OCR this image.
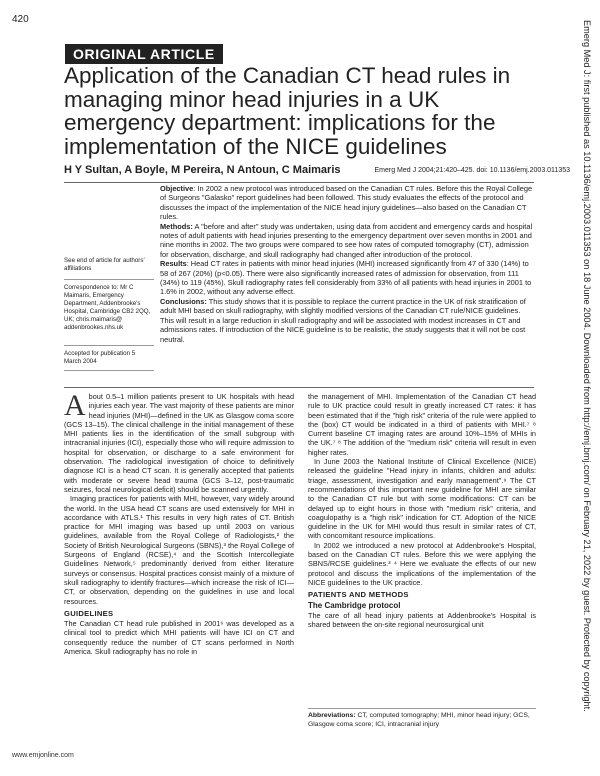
420
ORIGINAL ARTICLE
Application of the Canadian CT head rules in managing minor head injuries in a UK emergency department: implications for the implementation of the NICE guidelines
H Y Sultan, A Boyle, M Pereira, N Antoun, C Maimaris	Emerg Med J 2004;21:420–425. doi: 10.1136/emj.2003.011353
See end of article for authors' affiliations
Correspondence to: Mr C Maimaris, Emergency Department, Addenbrooke's Hospital, Cambridge CB2 2QQ, UK; chris.maimaris@ addenbrookes.nhs.uk
Accepted for publication 5 March 2004

Objective: In 2002 a new protocol was introduced based on the Canadian CT rules. Before this the Royal College of Surgeons "Galasko" report guidelines had been followed. This study evaluates the effects of the protocol and discusses the impact of the implementation of the NICE head injury guidelines—also based on the Canadian CT rules.

Methods: A "before and after" study was undertaken, using data from accident and emergency cards and hospital notes of adult patients with head injuries presenting to the emergency department over seven months in 2001 and nine months in 2002. The two groups were compared to see how rates of computed tomography (CT), admission for observation, discharge, and skull radiography had changed after introduction of the protocol.

Results: Head CT rates in patients with minor head injuries (MHI) increased significantly from 47 of 330 (14%) to 58 of 267 (20%) (p<0.05). There were also significantly increased rates of admission for observation, from 111 (34%) to 119 (45%). Skull radiography rates fell considerably from 33% of all patients with head injuries in 2001 to 1.6% in 2002, without any adverse effect.

Conclusions: This study shows that it is possible to replace the current practice in the UK of risk stratification of adult MHI based on skull radiography, with slightly modified versions of the Canadian CT rule/NICE guidelines. This will result in a large reduction in skull radiography and will be associated with modest increases in CT and admissions rates. If introduction of the NICE guideline is to be realistic, the study suggests that it will not be cost neutral.

About 0.5–1 million patients present to UK hospitals with head injuries each year. The vast majority of these patients are minor head injuries (MHI)—defined in the UK as Glasgow coma score (GCS 13–15). The clinical challenge in the initial management of these MHI patients lies in the identification of the small subgroup with intracranial injuries (ICI), especially those who will require admission to hospital for observation, or discharge to a safe environment for observation. The radiological investigation of choice to definitively diagnose ICI is a head CT scan. It is generally accepted that patients with moderate or severe head trauma (GCS 3–12, post-traumatic seizures, focal neurological deficit) should be scanned urgently.

Imaging practices for patients with MHI, however, vary widely around the world. In the USA head CT scans are used extensively for MHI in accordance with ATLS.¹ This results in very high rates of CT. British practice for MHI imaging was based up until 2003 on various guidelines, available from the Royal College of Radiologists,² the Society of British Neurological Surgeons (SBNS),³ the Royal College of Surgeons of England (RCSE),⁴ and the Scottish Intercollegiate Guidelines Network,⁵ predominantly derived from either literature surveys or consensus. Hospital practices consist mainly of a mixture of skull radiography to identify fractures—which increase the risk of ICI—CT, or observation, depending on the guidelines in use and local resources.

GUIDELINES

The Canadian CT head rule published in 2001⁶ was developed as a clinical tool to predict which MHI patients will have ICI on CT and consequently reduce the number of CT scans performed in North America. Skull radiography has no role in

the management of MHI. Implementation of the Canadian CT head rule to UK practice could result in greatly increased CT rates: it has been estimated that if the "high risk" criteria of the rule were applied to the (box) CT would be indicated in a third of patients with MHI.⁷ ⁸ Current baseline CT imaging rates are around 10%–15% of MHIs in the UK.⁷ ⁸ The addition of the "medium risk" criteria will result in even higher rates.

In June 2003 the National Institute of Clinical Excellence (NICE) released the guideline "Head injury in infants, children and adults: triage, assessment, investigation and early management".⁹ The CT recommendations of this important new guideline for MHI are similar to the Canadian CT rule but with some modifications: CT can be delayed up to eight hours in those with "medium risk" criteria, and coagulopathy is a "high risk" indication for CT. Adoption of the NICE guideline in the UK for MHI would thus result in similar rates of CT, with concomitant resource implications.

In 2002 we introduced a new protocol at Addenbrooke's Hospital, based on the Canadian CT rules. Before this we were applying the SBNS/RCSE guidelines.³ ⁴ Here we evaluate the effects of our new protocol and discuss the implications of the implementation of the NICE guidelines to the UK practice.

PATIENTS AND METHODS
The Cambridge protocol

The care of all head injury patients at Addenbrooke's Hospital is shared between the on-site regional neurosurgical unit

Abbreviations: CT, computed tomography; MHI, minor head injury; GCS, Glasgow coma score; ICI, intracranial injury
www.emjonline.com
Emerg Med J: first published as 10.1136/emj.2003.011353 on 18 June 2004. Downloaded from http://emj.bmj.com/ on February 21, 2022 by guest. Protected by copyright.
